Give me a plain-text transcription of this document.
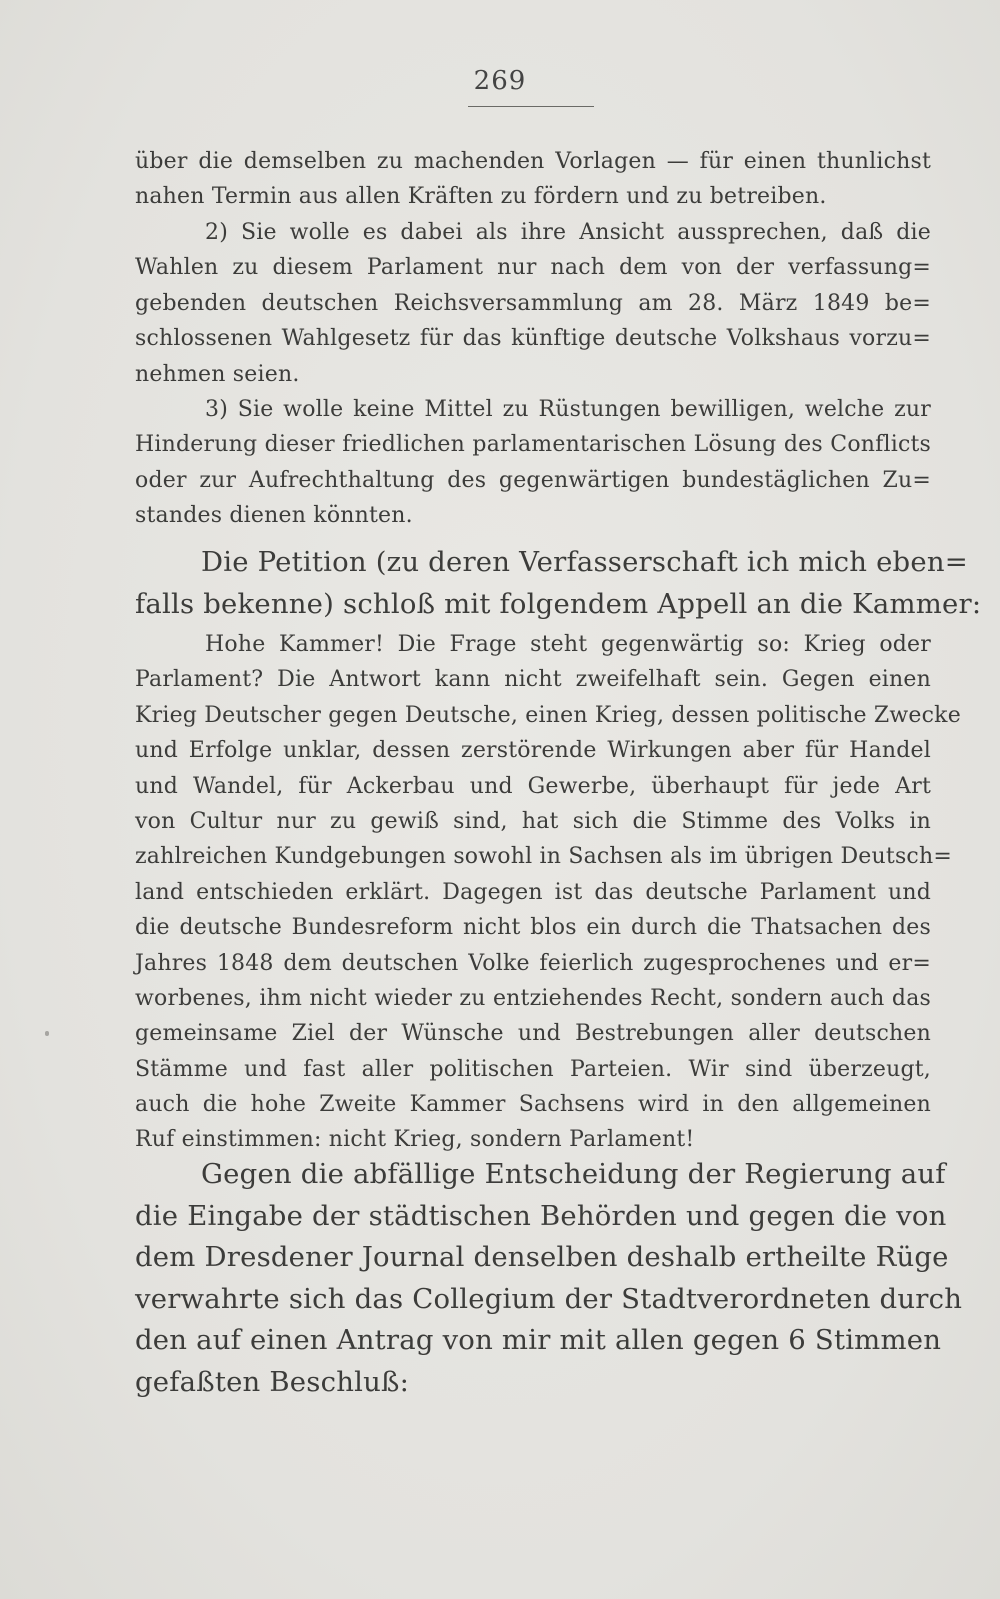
269
über die demselben zu machenden Vorlagen — für einen thunlichst
nahen Termin aus allen Kräften zu fördern und zu betreiben.
2) Sie wolle es dabei als ihre Ansicht aussprechen, daß die
Wahlen zu diesem Parlament nur nach dem von der verfassung=
gebenden deutschen Reichsversammlung am 28. März 1849 be=
schlossenen Wahlgesetz für das künftige deutsche Volkshaus vorzu=
nehmen seien.
3) Sie wolle keine Mittel zu Rüstungen bewilligen, welche zur
Hinderung dieser friedlichen parlamentarischen Lösung des Conflicts
oder zur Aufrechthaltung des gegenwärtigen bundestäglichen Zu=
standes dienen könnten.
Die Petition (zu deren Verfasserschaft ich mich eben=
falls bekenne) schloß mit folgendem Appell an die Kammer:
Hohe Kammer! Die Frage steht gegenwärtig so: Krieg oder
Parlament? Die Antwort kann nicht zweifelhaft sein. Gegen einen
Krieg Deutscher gegen Deutsche, einen Krieg, dessen politische Zwecke
und Erfolge unklar, dessen zerstörende Wirkungen aber für Handel
und Wandel, für Ackerbau und Gewerbe, überhaupt für jede Art
von Cultur nur zu gewiß sind, hat sich die Stimme des Volks in
zahlreichen Kundgebungen sowohl in Sachsen als im übrigen Deutsch=
land entschieden erklärt. Dagegen ist das deutsche Parlament und
die deutsche Bundesreform nicht blos ein durch die Thatsachen des
Jahres 1848 dem deutschen Volke feierlich zugesprochenes und er=
worbenes, ihm nicht wieder zu entziehendes Recht, sondern auch das
gemeinsame Ziel der Wünsche und Bestrebungen aller deutschen
Stämme und fast aller politischen Parteien. Wir sind überzeugt,
auch die hohe Zweite Kammer Sachsens wird in den allgemeinen
Ruf einstimmen: nicht Krieg, sondern Parlament!
Gegen die abfällige Entscheidung der Regierung auf
die Eingabe der städtischen Behörden und gegen die von
dem Dresdener Journal denselben deshalb ertheilte Rüge
verwahrte sich das Collegium der Stadtverordneten durch
den auf einen Antrag von mir mit allen gegen 6 Stimmen
gefaßten Beschluß:
